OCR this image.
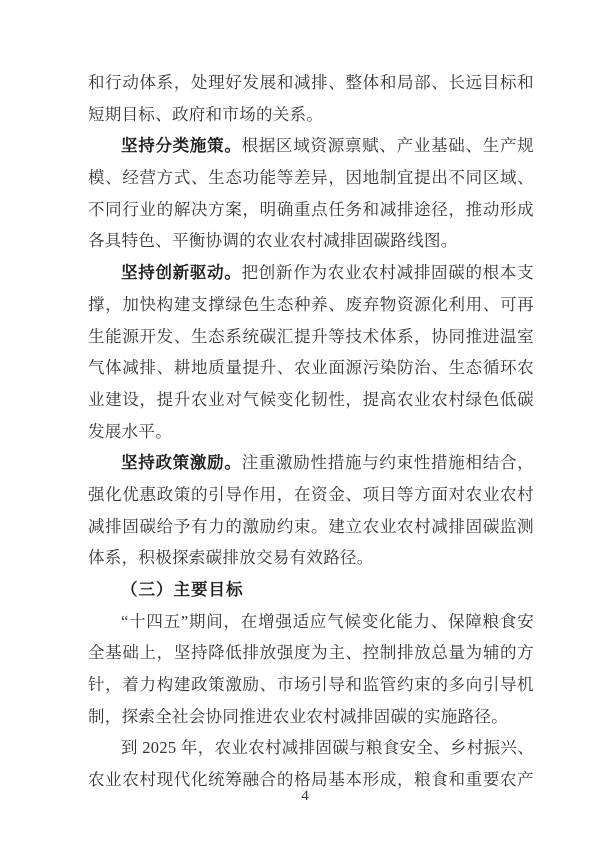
和行动体系，处理好发展和减排、整体和局部、长远目标和
短期目标、政府和市场的关系。
坚持分类施策。根据区域资源禀赋、产业基础、生产规
模、经营方式、生态功能等差异，因地制宜提出不同区域、
不同行业的解决方案，明确重点任务和减排途径，推动形成
各具特色、平衡协调的农业农村减排固碳路线图。
坚持创新驱动。把创新作为农业农村减排固碳的根本支
撑，加快构建支撑绿色生态种养、废弃物资源化利用、可再
生能源开发、生态系统碳汇提升等技术体系，协同推进温室
气体减排、耕地质量提升、农业面源污染防治、生态循环农
业建设，提升农业对气候变化韧性，提高农业农村绿色低碳
发展水平。
坚持政策激励。注重激励性措施与约束性措施相结合，
强化优惠政策的引导作用，在资金、项目等方面对农业农村
减排固碳给予有力的激励约束。建立农业农村减排固碳监测
体系，积极探索碳排放交易有效路径。
（三）主要目标
“十四五”期间，在增强适应气候变化能力、保障粮食安
全基础上，坚持降低排放强度为主、控制排放总量为辅的方
针，着力构建政策激励、市场引导和监管约束的多向引导机
制，探索全社会协同推进农业农村减排固碳的实施路径。
到 2025 年，农业农村减排固碳与粮食安全、乡村振兴、
农业农村现代化统筹融合的格局基本形成，粮食和重要农产
4
